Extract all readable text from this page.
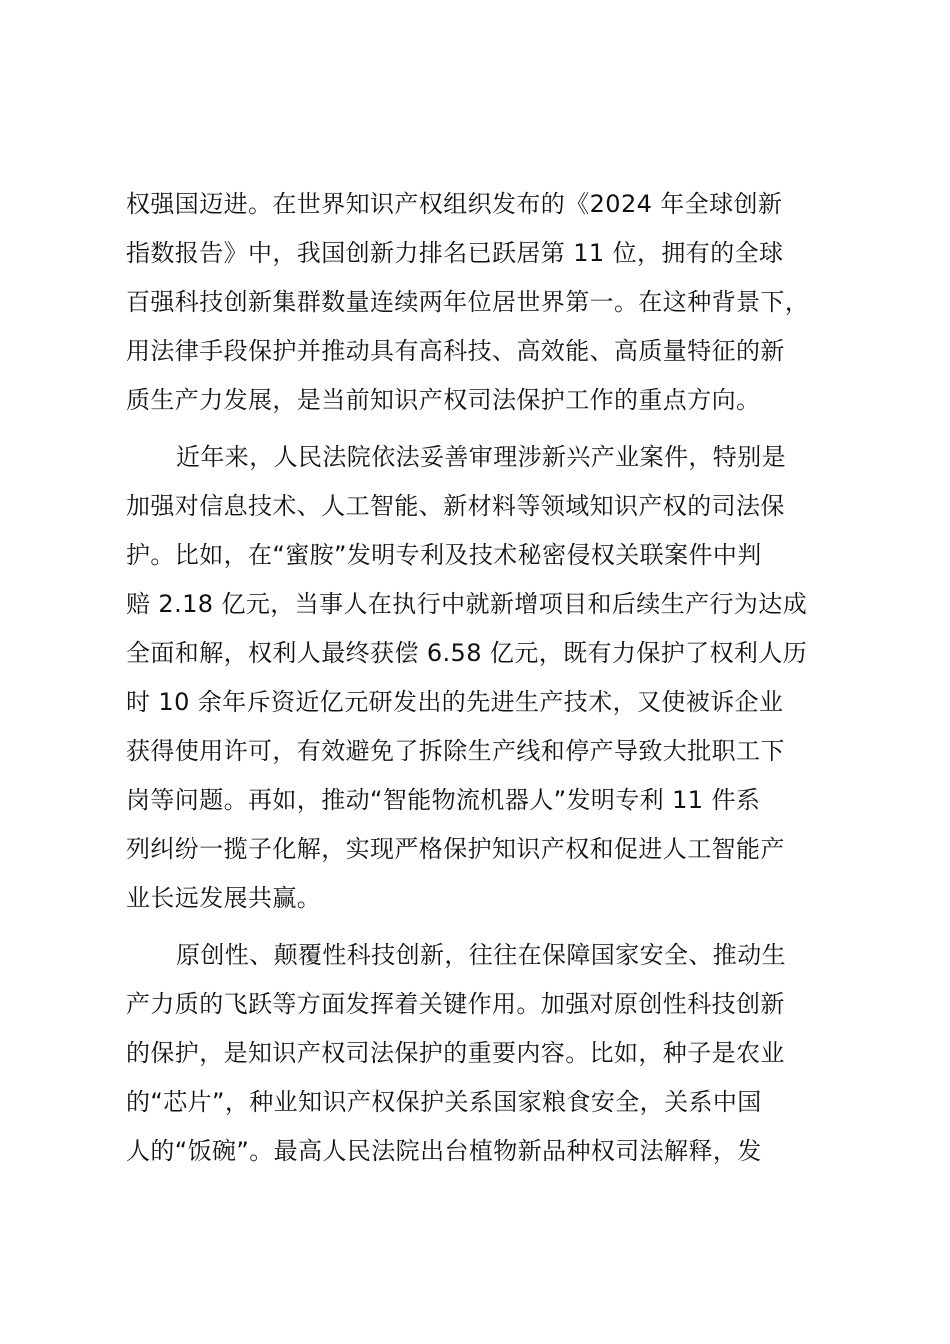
权强国迈进。在世界知识产权组织发布的《2024 年全球创新
指数报告》中，我国创新力排名已跃居第 11 位，拥有的全球
百强科技创新集群数量连续两年位居世界第一。在这种背景下，
用法律手段保护并推动具有高科技、高效能、高质量特征的新
质生产力发展，是当前知识产权司法保护工作的重点方向。
近年来，人民法院依法妥善审理涉新兴产业案件，特别是
加强对信息技术、人工智能、新材料等领域知识产权的司法保
护。比如，在“蜜胺”发明专利及技术秘密侵权关联案件中判
赔 2.18 亿元，当事人在执行中就新增项目和后续生产行为达成
全面和解，权利人最终获偿 6.58 亿元，既有力保护了权利人历
时 10 余年斥资近亿元研发出的先进生产技术，又使被诉企业
获得使用许可，有效避免了拆除生产线和停产导致大批职工下
岗等问题。再如，推动“智能物流机器人”发明专利 11 件系
列纠纷一揽子化解，实现严格保护知识产权和促进人工智能产
业长远发展共赢。
原创性、颠覆性科技创新，往往在保障国家安全、推动生
产力质的飞跃等方面发挥着关键作用。加强对原创性科技创新
的保护，是知识产权司法保护的重要内容。比如，种子是农业
的“芯片”，种业知识产权保护关系国家粮食安全，关系中国
人的“饭碗”。最高人民法院出台植物新品种权司法解释，发
